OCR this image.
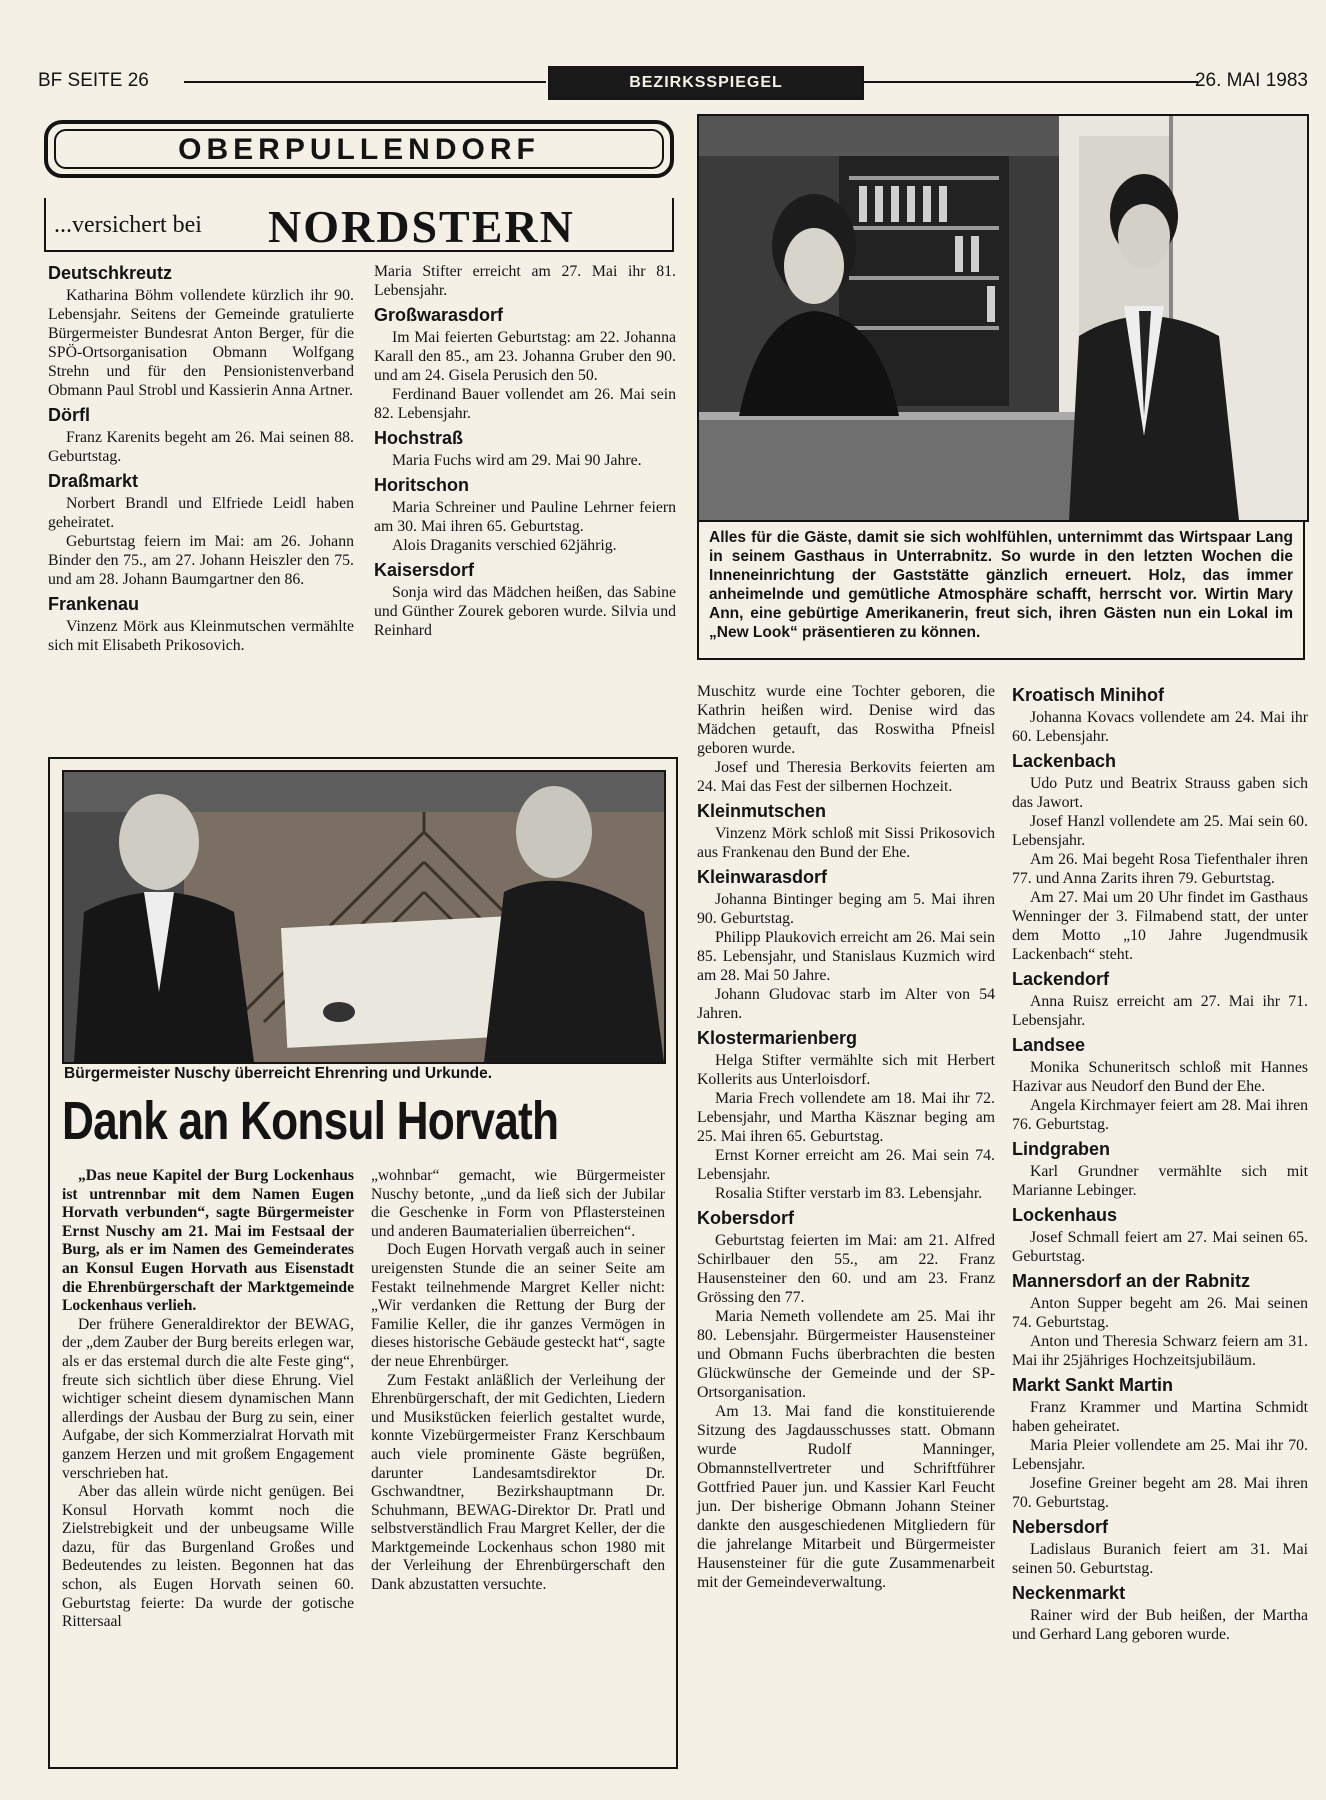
BF SEITE 26	BEZIRKSSPIEGEL	26. MAI 1983
OBERPULLENDORF
...versichert bei NORDSTERN
Deutschkreutz

Katharina Böhm vollendete kürzlich ihr 90. Lebensjahr. Seitens der Gemeinde gratulierte Bürgermeister Bundesrat Anton Berger, für die SPÖ-Ortsorganisation Obmann Wolfgang Strehn und für den Pensionistenverband Obmann Paul Strobl und Kassierin Anna Artner.

Dörfl

Franz Karenits begeht am 26. Mai seinen 88. Geburtstag.

Draßmarkt

Norbert Brandl und Elfriede Leidl haben geheiratet.

Geburtstag feiern im Mai: am 26. Johann Binder den 75., am 27. Johann Heiszler den 75. und am 28. Johann Baumgartner den 86.

Frankenau

Vinzenz Mörk aus Kleinmutschen vermählte sich mit Elisabeth Prikosovich.

Maria Stifter erreicht am 27. Mai ihr 81. Lebensjahr.

Großwarasdorf

Im Mai feierten Geburtstag: am 22. Johanna Karall den 85., am 23. Johanna Gruber den 90. und am 24. Gisela Perusich den 50.

Ferdinand Bauer vollendet am 26. Mai sein 82. Lebensjahr.

Hochstraß

Maria Fuchs wird am 29. Mai 90 Jahre.

Horitschon

Maria Schreiner und Pauline Lehrner feiern am 30. Mai ihren 65. Geburtstag.

Alois Draganits verschied 62jährig.

Kaisersdorf

Sonja wird das Mädchen heißen, das Sabine und Günther Zourek geboren wurde. Silvia und Reinhard

Alles für die Gäste, damit sie sich wohlfühlen, unternimmt das Wirtspaar Lang in seinem Gasthaus in Unterrabnitz. So wurde in den letzten Wochen die Inneneinrichtung der Gaststätte gänzlich erneuert. Holz, das immer anheimelnde und gemütliche Atmosphäre schafft, herrscht vor. Wirtin Mary Ann, eine gebürtige Amerikanerin, freut sich, ihren Gästen nun ein Lokal im „New Look“ präsentieren zu können.
Bürgermeister Nuschy überreicht Ehrenring und Urkunde.
Dank an Konsul Horvath

„Das neue Kapitel der Burg Lockenhaus ist untrennbar mit dem Namen Eugen Horvath verbunden“, sagte Bürgermeister Ernst Nuschy am 21. Mai im Festsaal der Burg, als er im Namen des Gemeinderates an Konsul Eugen Horvath aus Eisenstadt die Ehrenbürgerschaft der Marktgemeinde Lockenhaus verlieh.

Der frühere Generaldirektor der BEWAG, der „dem Zauber der Burg bereits erlegen war, als er das erstemal durch die alte Feste ging“, freute sich sichtlich über diese Ehrung. Viel wichtiger scheint diesem dynamischen Mann allerdings der Ausbau der Burg zu sein, einer Aufgabe, der sich Kommerzialrat Horvath mit ganzem Herzen und mit großem Engagement verschrieben hat.

Aber das allein würde nicht genügen. Bei Konsul Horvath kommt noch die Zielstrebigkeit und der unbeugsame Wille dazu, für das Burgenland Großes und Bedeutendes zu leisten. Begonnen hat das schon, als Eugen Horvath seinen 60. Geburtstag feierte: Da wurde der gotische Rittersaal

„wohnbar“ gemacht, wie Bürgermeister Nuschy betonte, „und da ließ sich der Jubilar die Geschenke in Form von Pflastersteinen und anderen Baumaterialien überreichen“.

Doch Eugen Horvath vergaß auch in seiner ureigensten Stunde die an seiner Seite am Festakt teilnehmende Margret Keller nicht: „Wir verdanken die Rettung der Burg der Familie Keller, die ihr ganzes Vermögen in dieses historische Gebäude gesteckt hat“, sagte der neue Ehrenbürger.

Zum Festakt anläßlich der Verleihung der Ehrenbürgerschaft, der mit Gedichten, Liedern und Musikstücken feierlich gestaltet wurde, konnte Vizebürgermeister Franz Kerschbaum auch viele prominente Gäste begrüßen, darunter Landesamtsdirektor Dr. Gschwandtner, Bezirkshauptmann Dr. Schuhmann, BEWAG-Direktor Dr. Pratl und selbstverständlich Frau Margret Keller, der die Marktgemeinde Lockenhaus schon 1980 mit der Verleihung der Ehrenbürgerschaft den Dank abzustatten versuchte.

Muschitz wurde eine Tochter geboren, die Kathrin heißen wird. Denise wird das Mädchen getauft, das Roswitha Pfneisl geboren wurde.

Josef und Theresia Berkovits feierten am 24. Mai das Fest der silbernen Hochzeit.

Kleinmutschen

Vinzenz Mörk schloß mit Sissi Prikosovich aus Frankenau den Bund der Ehe.

Kleinwarasdorf

Johanna Bintinger beging am 5. Mai ihren 90. Geburtstag.

Philipp Plaukovich erreicht am 26. Mai sein 85. Lebensjahr, und Stanislaus Kuzmich wird am 28. Mai 50 Jahre.

Johann Gludovac starb im Alter von 54 Jahren.

Klostermarienberg

Helga Stifter vermählte sich mit Herbert Kollerits aus Unterloisdorf.

Maria Frech vollendete am 18. Mai ihr 72. Lebensjahr, und Martha Käsznar beging am 25. Mai ihren 65. Geburtstag.

Ernst Korner erreicht am 26. Mai sein 74. Lebensjahr.

Rosalia Stifter verstarb im 83. Lebensjahr.

Kobersdorf

Geburtstag feierten im Mai: am 21. Alfred Schirlbauer den 55., am 22. Franz Hausensteiner den 60. und am 23. Franz Grössing den 77.

Maria Nemeth vollendete am 25. Mai ihr 80. Lebensjahr. Bürgermeister Hausensteiner und Obmann Fuchs überbrachten die besten Glückwünsche der Gemeinde und der SP-Ortsorganisation.

Am 13. Mai fand die konstituierende Sitzung des Jagdausschusses statt. Obmann wurde Rudolf Manninger, Obmannstellvertreter und Schriftführer Gottfried Pauer jun. und Kassier Karl Feucht jun. Der bisherige Obmann Johann Steiner dankte den ausgeschiedenen Mitgliedern für die jahrelange Mitarbeit und Bürgermeister Hausensteiner für die gute Zusammenarbeit mit der Gemeindeverwaltung.

Kroatisch Minihof

Johanna Kovacs vollendete am 24. Mai ihr 60. Lebensjahr.

Lackenbach

Udo Putz und Beatrix Strauss gaben sich das Jawort.

Josef Hanzl vollendete am 25. Mai sein 60. Lebensjahr.

Am 26. Mai begeht Rosa Tiefenthaler ihren 77. und Anna Zarits ihren 79. Geburtstag.

Am 27. Mai um 20 Uhr findet im Gasthaus Wenninger der 3. Filmabend statt, der unter dem Motto „10 Jahre Jugendmusik Lackenbach“ steht.

Lackendorf

Anna Ruisz erreicht am 27. Mai ihr 71. Lebensjahr.

Landsee

Monika Schuneritsch schloß mit Hannes Hazivar aus Neudorf den Bund der Ehe.

Angela Kirchmayer feiert am 28. Mai ihren 76. Geburtstag.

Lindgraben

Karl Grundner vermählte sich mit Marianne Lebinger.

Lockenhaus

Josef Schmall feiert am 27. Mai seinen 65. Geburtstag.

Mannersdorf an der Rabnitz

Anton Supper begeht am 26. Mai seinen 74. Geburtstag.

Anton und Theresia Schwarz feiern am 31. Mai ihr 25jähriges Hochzeitsjubiläum.

Markt Sankt Martin

Franz Krammer und Martina Schmidt haben geheiratet.

Maria Pleier vollendete am 25. Mai ihr 70. Lebensjahr.

Josefine Greiner begeht am 28. Mai ihren 70. Geburtstag.

Nebersdorf

Ladislaus Buranich feiert am 31. Mai seinen 50. Geburtstag.

Neckenmarkt

Rainer wird der Bub heißen, der Martha und Gerhard Lang geboren wurde.
